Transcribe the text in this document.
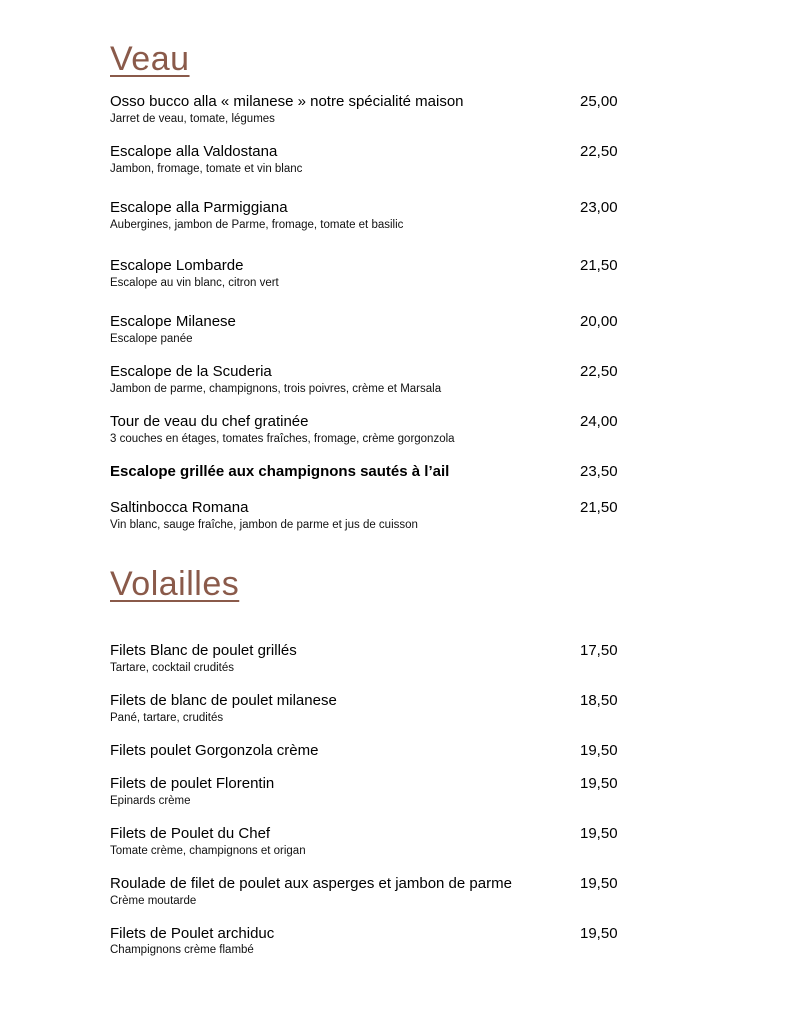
Veau
Osso bucco alla « milanese » notre spécialité maison	25,00
Jarret de veau, tomate, légumes
Escalope alla Valdostana	22,50
Jambon, fromage, tomate et vin blanc
Escalope alla Parmiggiana	23,00
Aubergines, jambon de Parme, fromage, tomate et basilic
Escalope Lombarde	21,50
Escalope au vin blanc, citron vert
Escalope Milanese	20,00
Escalope panée
Escalope de la Scuderia	22,50
Jambon de parme, champignons, trois poivres, crème et Marsala
Tour de veau du chef gratinée	24,00
3 couches en étages, tomates fraîches, fromage, crème gorgonzola
Escalope grillée aux champignons sautés à l’ail	23,50
Saltinbocca Romana	21,50
Vin blanc, sauge fraîche, jambon de parme et jus de cuisson
Volailles
Filets Blanc de poulet grillés	17,50
Tartare, cocktail crudités
Filets de blanc de poulet milanese	18,50
Pané, tartare, crudités
Filets poulet Gorgonzola crème	19,50
Filets de poulet Florentin	19,50
Epinards crème
Filets de Poulet du Chef	19,50
Tomate crème, champignons et origan
Roulade de filet de poulet aux asperges et jambon de parme	19,50
Crème moutarde
Filets de Poulet archiduc	19,50
Champignons crème flambé
